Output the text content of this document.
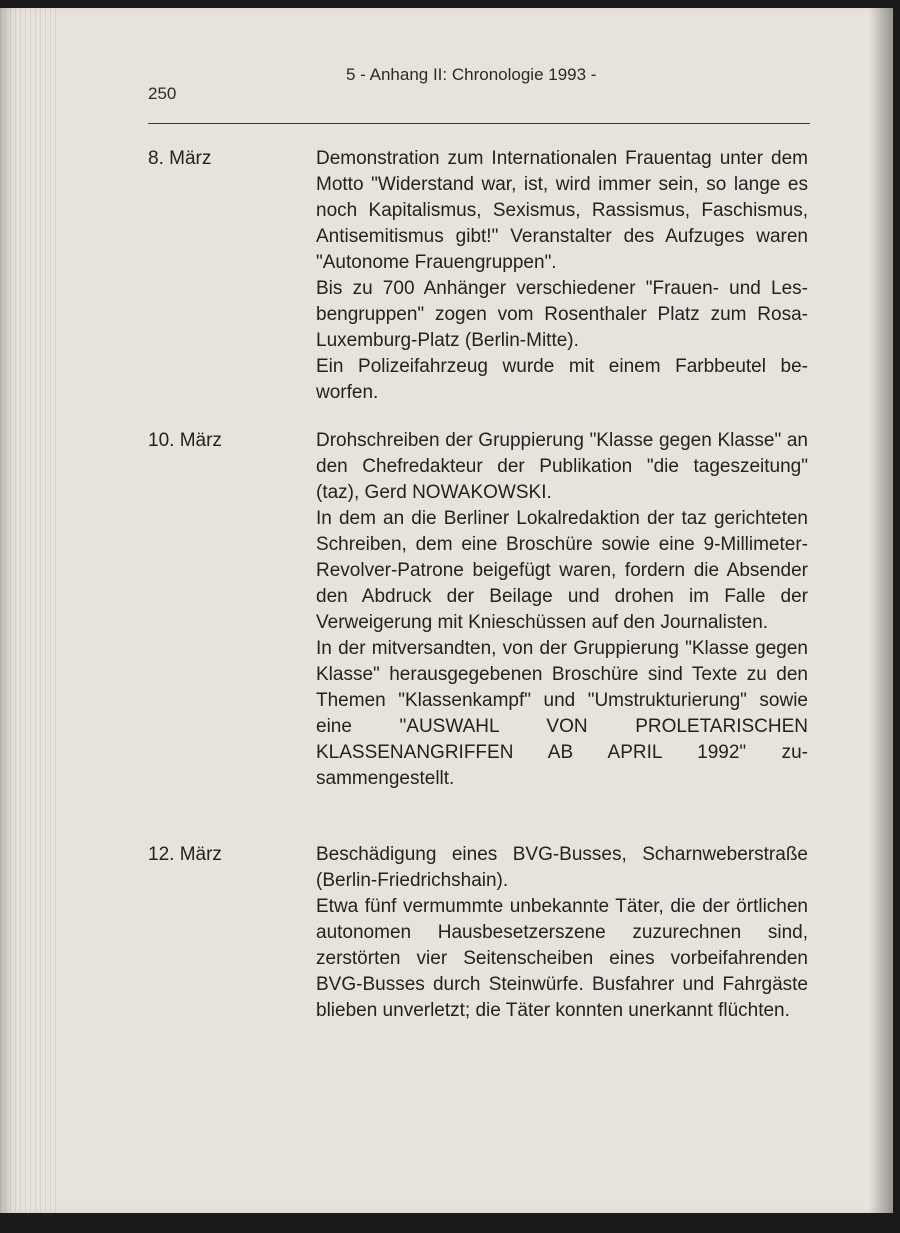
5 - Anhang II: Chronologie 1993 -
250
8. März	Demonstration zum Internationalen Frauentag unter dem Motto "Widerstand war, ist, wird immer sein, so lange es noch Kapitalismus, Sexismus, Rassismus, Faschismus, Antisemitismus gibt!" Veranstalter des Aufzuges waren "Autonome Frauengruppen".

Bis zu 700 Anhänger verschiedener "Frauen- und Lesbengruppen" zogen vom Rosenthaler Platz zum Rosa-Luxemburg-Platz (Berlin-Mitte).

Ein Polizeifahrzeug wurde mit einem Farbbeutel beworfen.

10. März	Drohschreiben der Gruppierung "Klasse gegen Klasse" an den Chefredakteur der Publikation "die tageszeitung" (taz), Gerd NOWAKOWSKI.

In dem an die Berliner Lokalredaktion der taz gerichteten Schreiben, dem eine Broschüre sowie eine 9-Millimeter-Revolver-Patrone beigefügt waren, fordern die Absender den Abdruck der Beilage und drohen im Falle der Verweigerung mit Knieschüssen auf den Journalisten.

In der mitversandten, von der Gruppierung "Klasse gegen Klasse" herausgegebenen Broschüre sind Texte zu den Themen "Klassenkampf" und "Umstrukturierung" sowie eine "AUSWAHL VON PROLETARISCHEN KLASSENANGRIFFEN AB APRIL 1992" zusammengestellt.

12. März	Beschädigung eines BVG-Busses, Scharnweberstraße (Berlin-Friedrichshain).

Etwa fünf vermummte unbekannte Täter, die der örtlichen autonomen Hausbesetzerszene zuzurechnen sind, zerstörten vier Seitenscheiben eines vorbeifahrenden BVG-Busses durch Steinwürfe. Busfahrer und Fahrgäste blieben unverletzt; die Täter konnten unerkannt flüchten.
